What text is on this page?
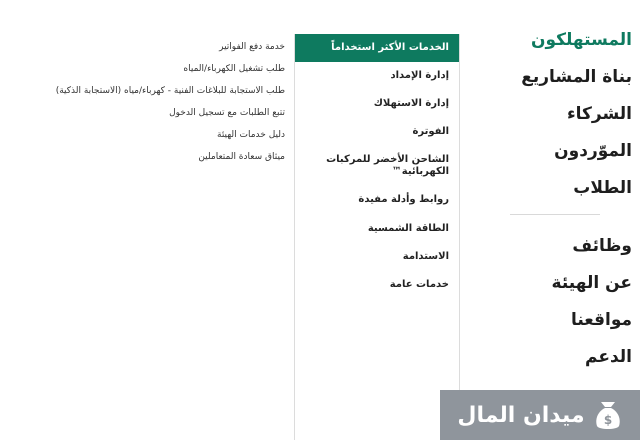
المستهلكون
بناة المشاريع
الشركاء
الموّردون
الطلاب
وظائف
عن الهيئة
مواقعنا
الدعم
الخدمات الأكثر استخداماً
إدارة الإمداد
إدارة الاستهلاك
الفوترة
الشاحن الأخضر للمركبات الكهربائية™
روابط وأدلة مفيدة
الطاقة الشمسية
الاستدامة
خدمات عامة
خدمة دفع الفواتير
طلب تشغيل الكهرباء/المياه
طلب الاستجابة للبلاغات الفنية - كهرباء/مياه (الاستجابة الذكية)
تتبع الطلبات مع تسجيل الدخول
دليل خدمات الهيئة
ميثاق سعادة المتعاملين
$
ميدان المال
